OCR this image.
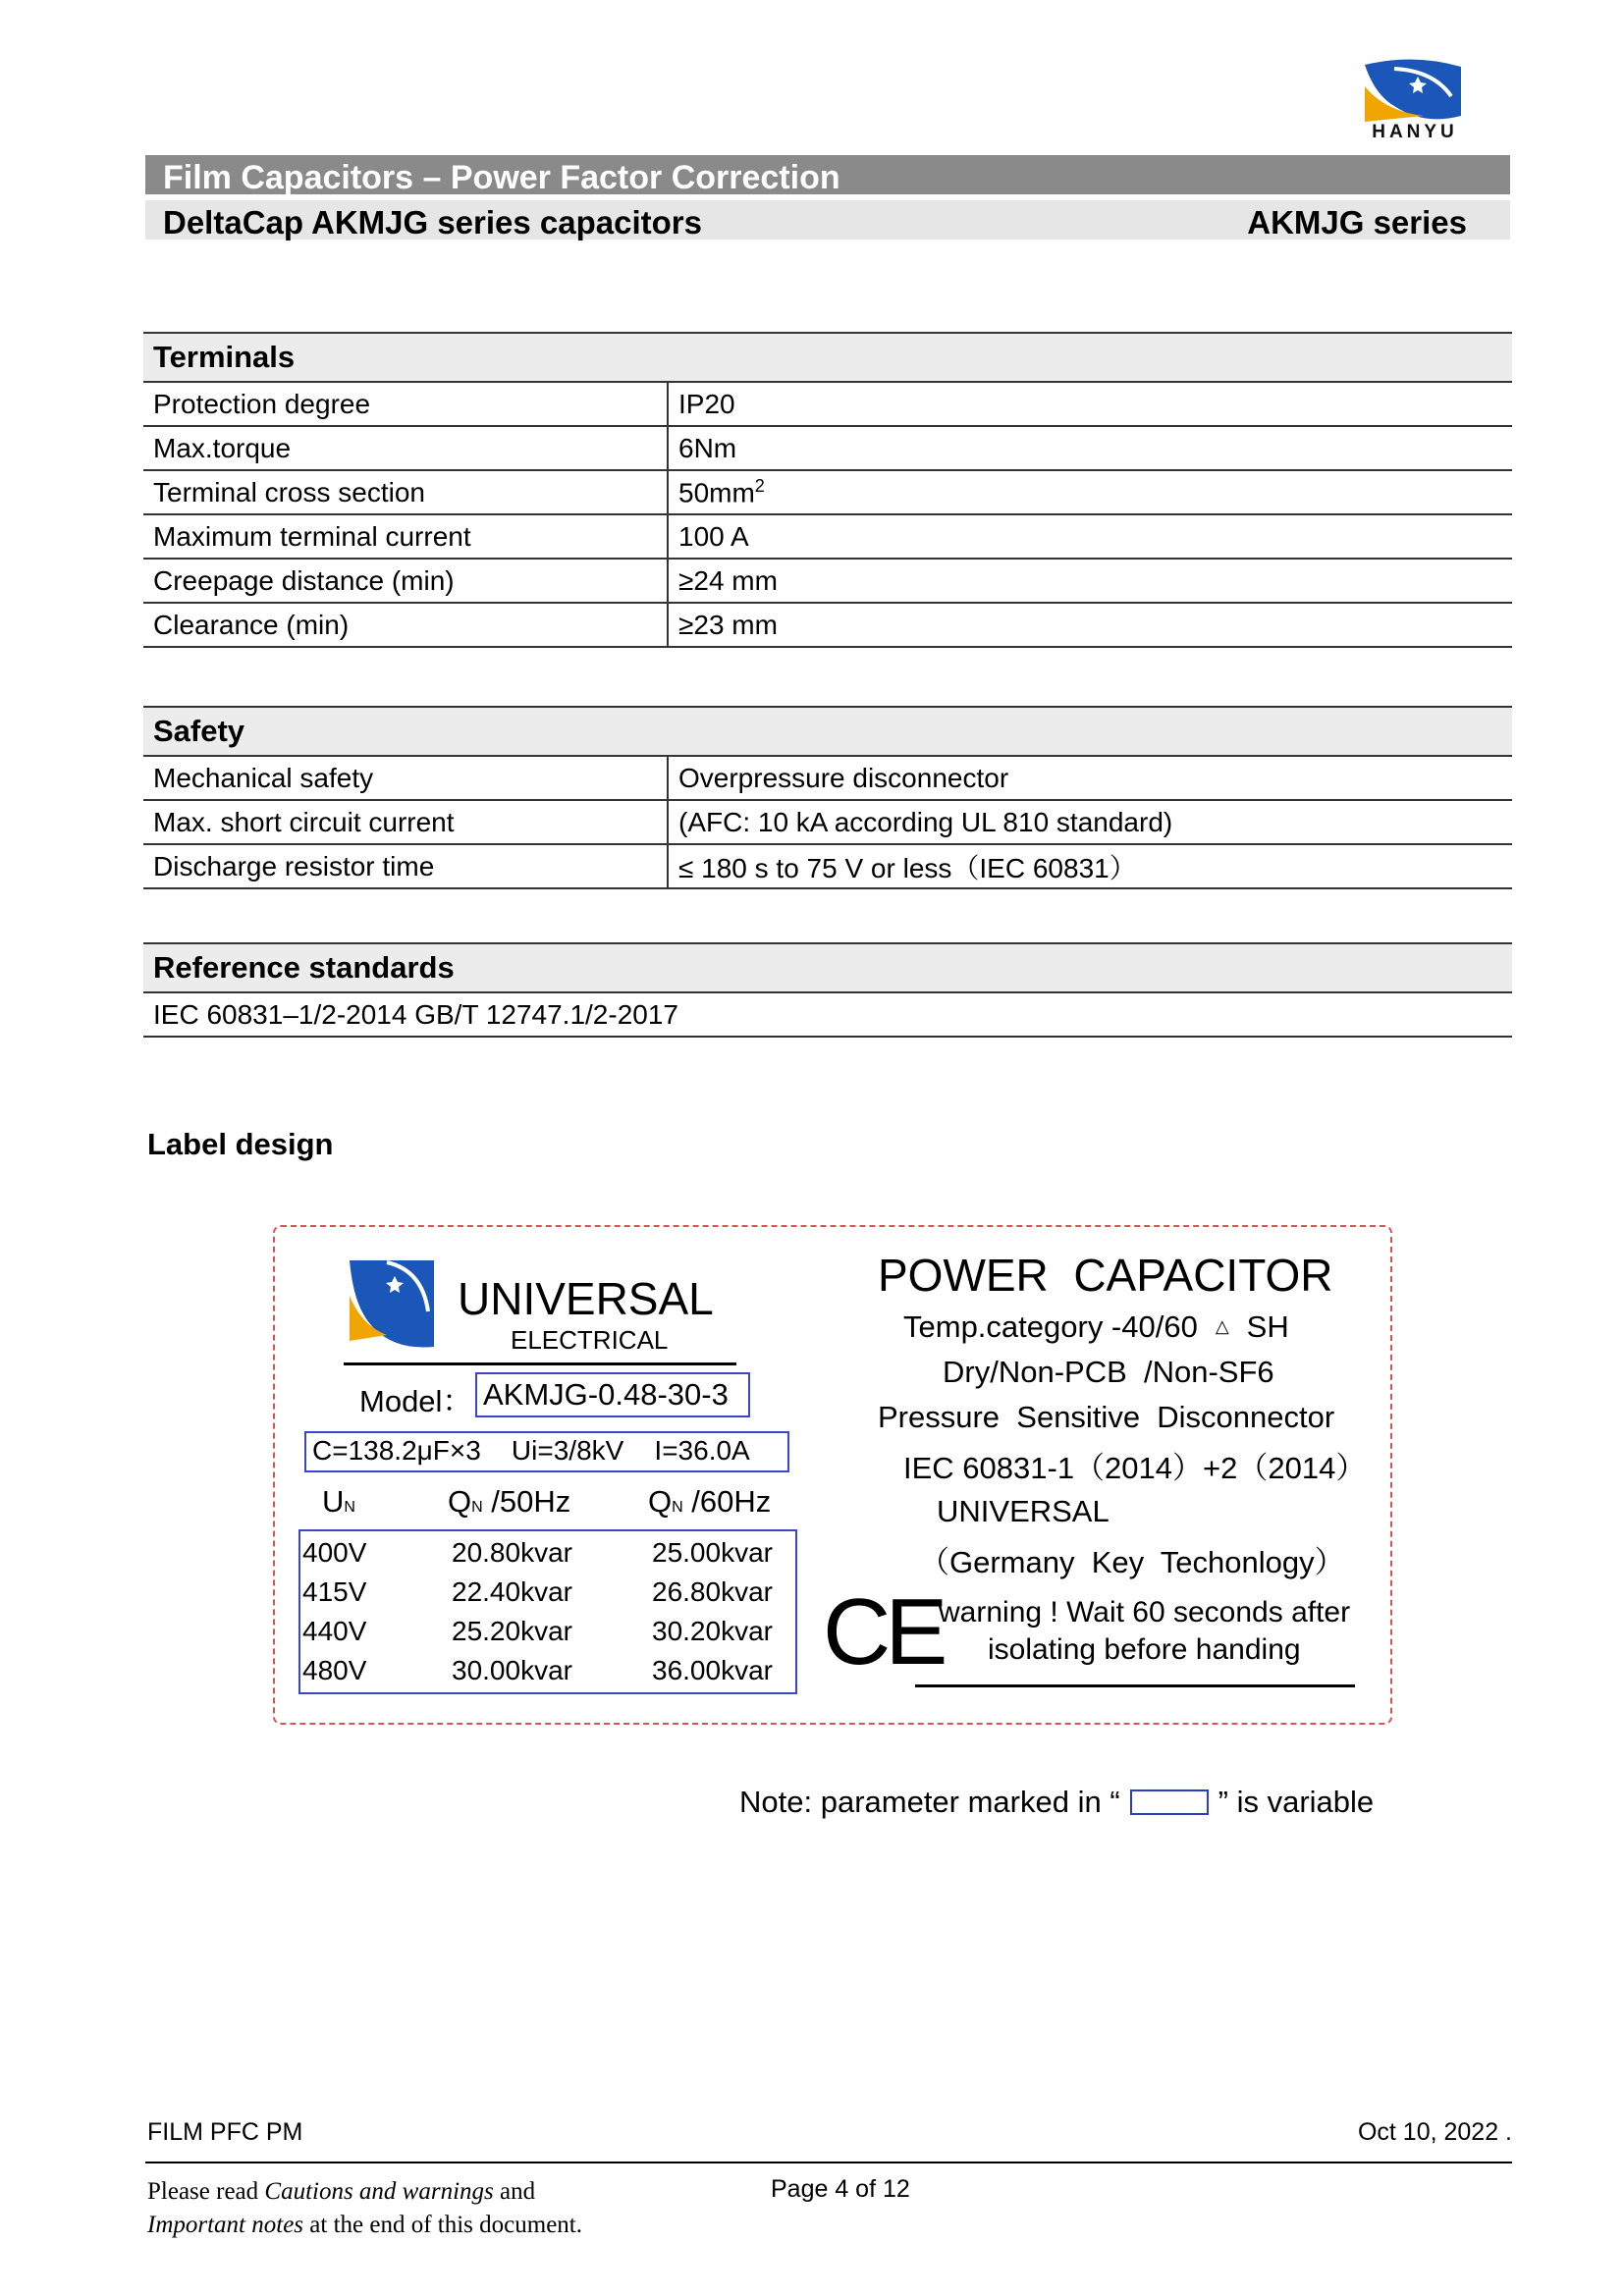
HANYU
Film Capacitors – Power Factor Correction
DeltaCap AKMJG series capacitors	AKMJG series
Terminals	
Protection degree	IP20
Max.torque	6Nm
Terminal cross section	$50mm^2$
Maximum terminal current	100 A
Creepage distance (min)	≥24 mm
Clearance (min)	≥23 mm
Safety	
Mechanical safety	Overpressure disconnector
Max. short circuit current	(AFC: 10 kA according UL 810 standard)
Discharge resistor time	≤ 180 s to 75 V or less（IEC 60831）
Reference standards
IEC 60831–1/2-2014 GB/T 12747.1/2-2017
Label design
UNIVERSAL
ELECTRICAL
Model： AKMJG-0.48-30-3
C=138.2μF×3    Ui=3/8kV    I=36.0A
UN	QN /50Hz	QN /60Hz
400V	20.80kvar	25.00kvar
415V	22.40kvar	26.80kvar
440V	25.20kvar	30.20kvar
480V	30.00kvar	36.00kvar
POWER  CAPACITOR
Temp.category -40/60 △ SH
Dry/Non-PCB  /Non-SF6
Pressure  Sensitive  Disconnector
IEC 60831-1（2014）+2（2014）
UNIVERSAL
（Germany  Key  Techonlogy）
CE
warning ! Wait 60 seconds after
isolating before handing
Note: parameter marked in “	” is variable
FILM PFC PM	Oct 10, 2022 .
Please read Cautions and warnings and
Important notes at the end of this document.
Page 4 of 12
